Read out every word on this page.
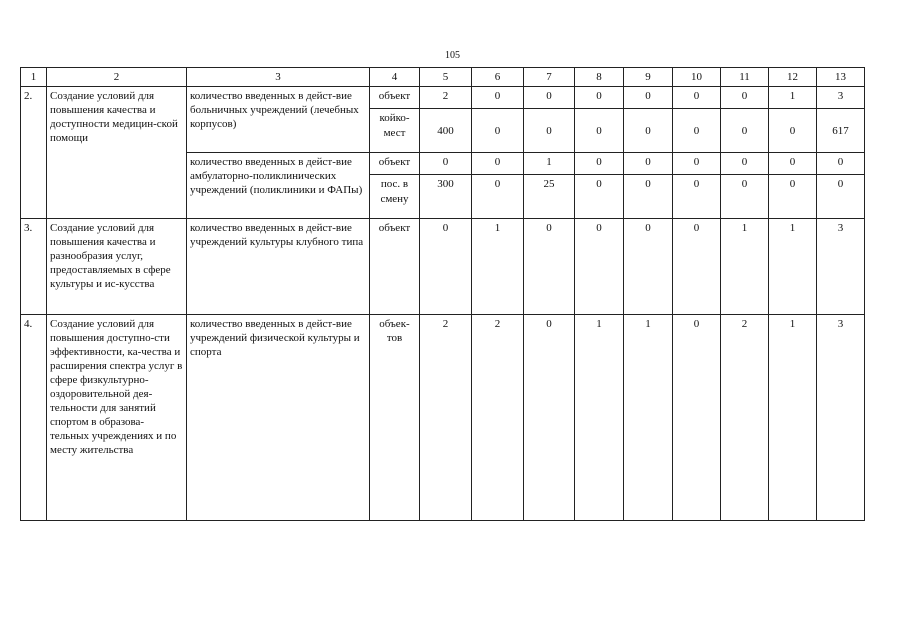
105
1	2	3	4	5	6	7	8	9	10	11	12	13
2.	Создание условий для повышения качества и доступности медицин-ской помощи	количество введенных в дейст-вие больничных учреждений (лечебных корпусов)	объект	2	0	0	0	0	0	0	1	3
			койко-мест	400	0	0	0	0	0	0	0	617
		количество введенных в дейст-вие амбулаторно-поликлинических учреждений (поликлиники и ФАПы)	объект	0	0	1	0	0	0	0	0	0
			пос. в смену	300	0	25	0	0	0	0	0	0
3.	Создание условий для повышения качества и разнообразия услуг, предоставляемых в сфере культуры и ис-кусства	количество введенных в дейст-вие учреждений культуры клубного типа	объект	0	1	0	0	0	0	1	1	3
4.	Создание условий для повышения доступно-сти эффективности, ка-чества и расширения спектра услуг в сфере физкультурно-оздоровительной дея-тельности для занятий спортом в образова-тельных учреждениях и по месту жительства	количество введенных в дейст-вие учреждений физической культуры и спорта	объек-тов	2	2	0	1	1	0	2	1	3
